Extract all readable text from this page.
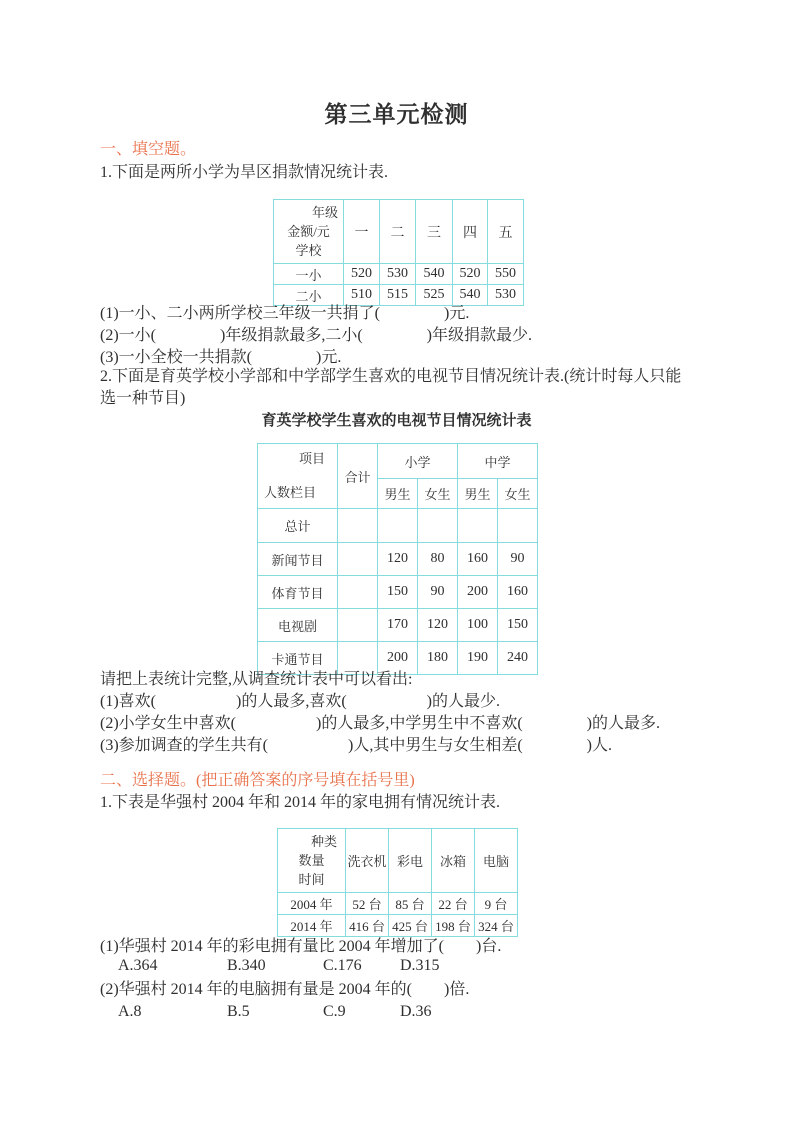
第三单元检测
一、填空题。
1.下面是两所小学为旱区捐款情况统计表.
年级
金额/元
学校	一	二	三	四	五
一小	520	530	540	520	550
二小	510	515	525	540	530
(1)一小、二小两所学校三年级一共捐了(　　　　)元.
(2)一小(　　　　)年级捐款最多,二小(　　　　)年级捐款最少.
(3)一小全校一共捐款(　　　　)元.
2.下面是育英学校小学部和中学部学生喜欢的电视节目情况统计表.(统计时每人只能选一种节目)
育英学校学生喜欢的电视节目情况统计表
项目
人数栏目	合计	小学		中学	
		男生	女生	男生	女生
总计					
新闻节目		120	80	160	90
体育节目		150	90	200	160
电视剧		170	120	100	150
卡通节目		200	180	190	240
请把上表统计完整,从调查统计表中可以看出:
(1)喜欢(　　　　　)的人最多,喜欢(　　　　　)的人最少.
(2)小学女生中喜欢(　　　　　)的人最多,中学男生中不喜欢(　　　　)的人最多.
(3)参加调查的学生共有(　　　　　)人,其中男生与女生相差(　　　　)人.
二、选择题。(把正确答案的序号填在括号里)
1.下表是华强村 2004 年和 2014 年的家电拥有情况统计表.
种类
数量
时间	洗衣机	彩电	冰箱	电脑
2004 年	52 台	85 台	22 台	9 台
2014 年	416 台	425 台	198 台	324 台
(1)华强村 2014 年的彩电拥有量比 2004 年增加了(　　)台.
A.364	B.340	C.176 D.315
(2)华强村 2014 年的电脑拥有量是 2004 年的(　　)倍.
A.8	B.5	C.9	D.36
